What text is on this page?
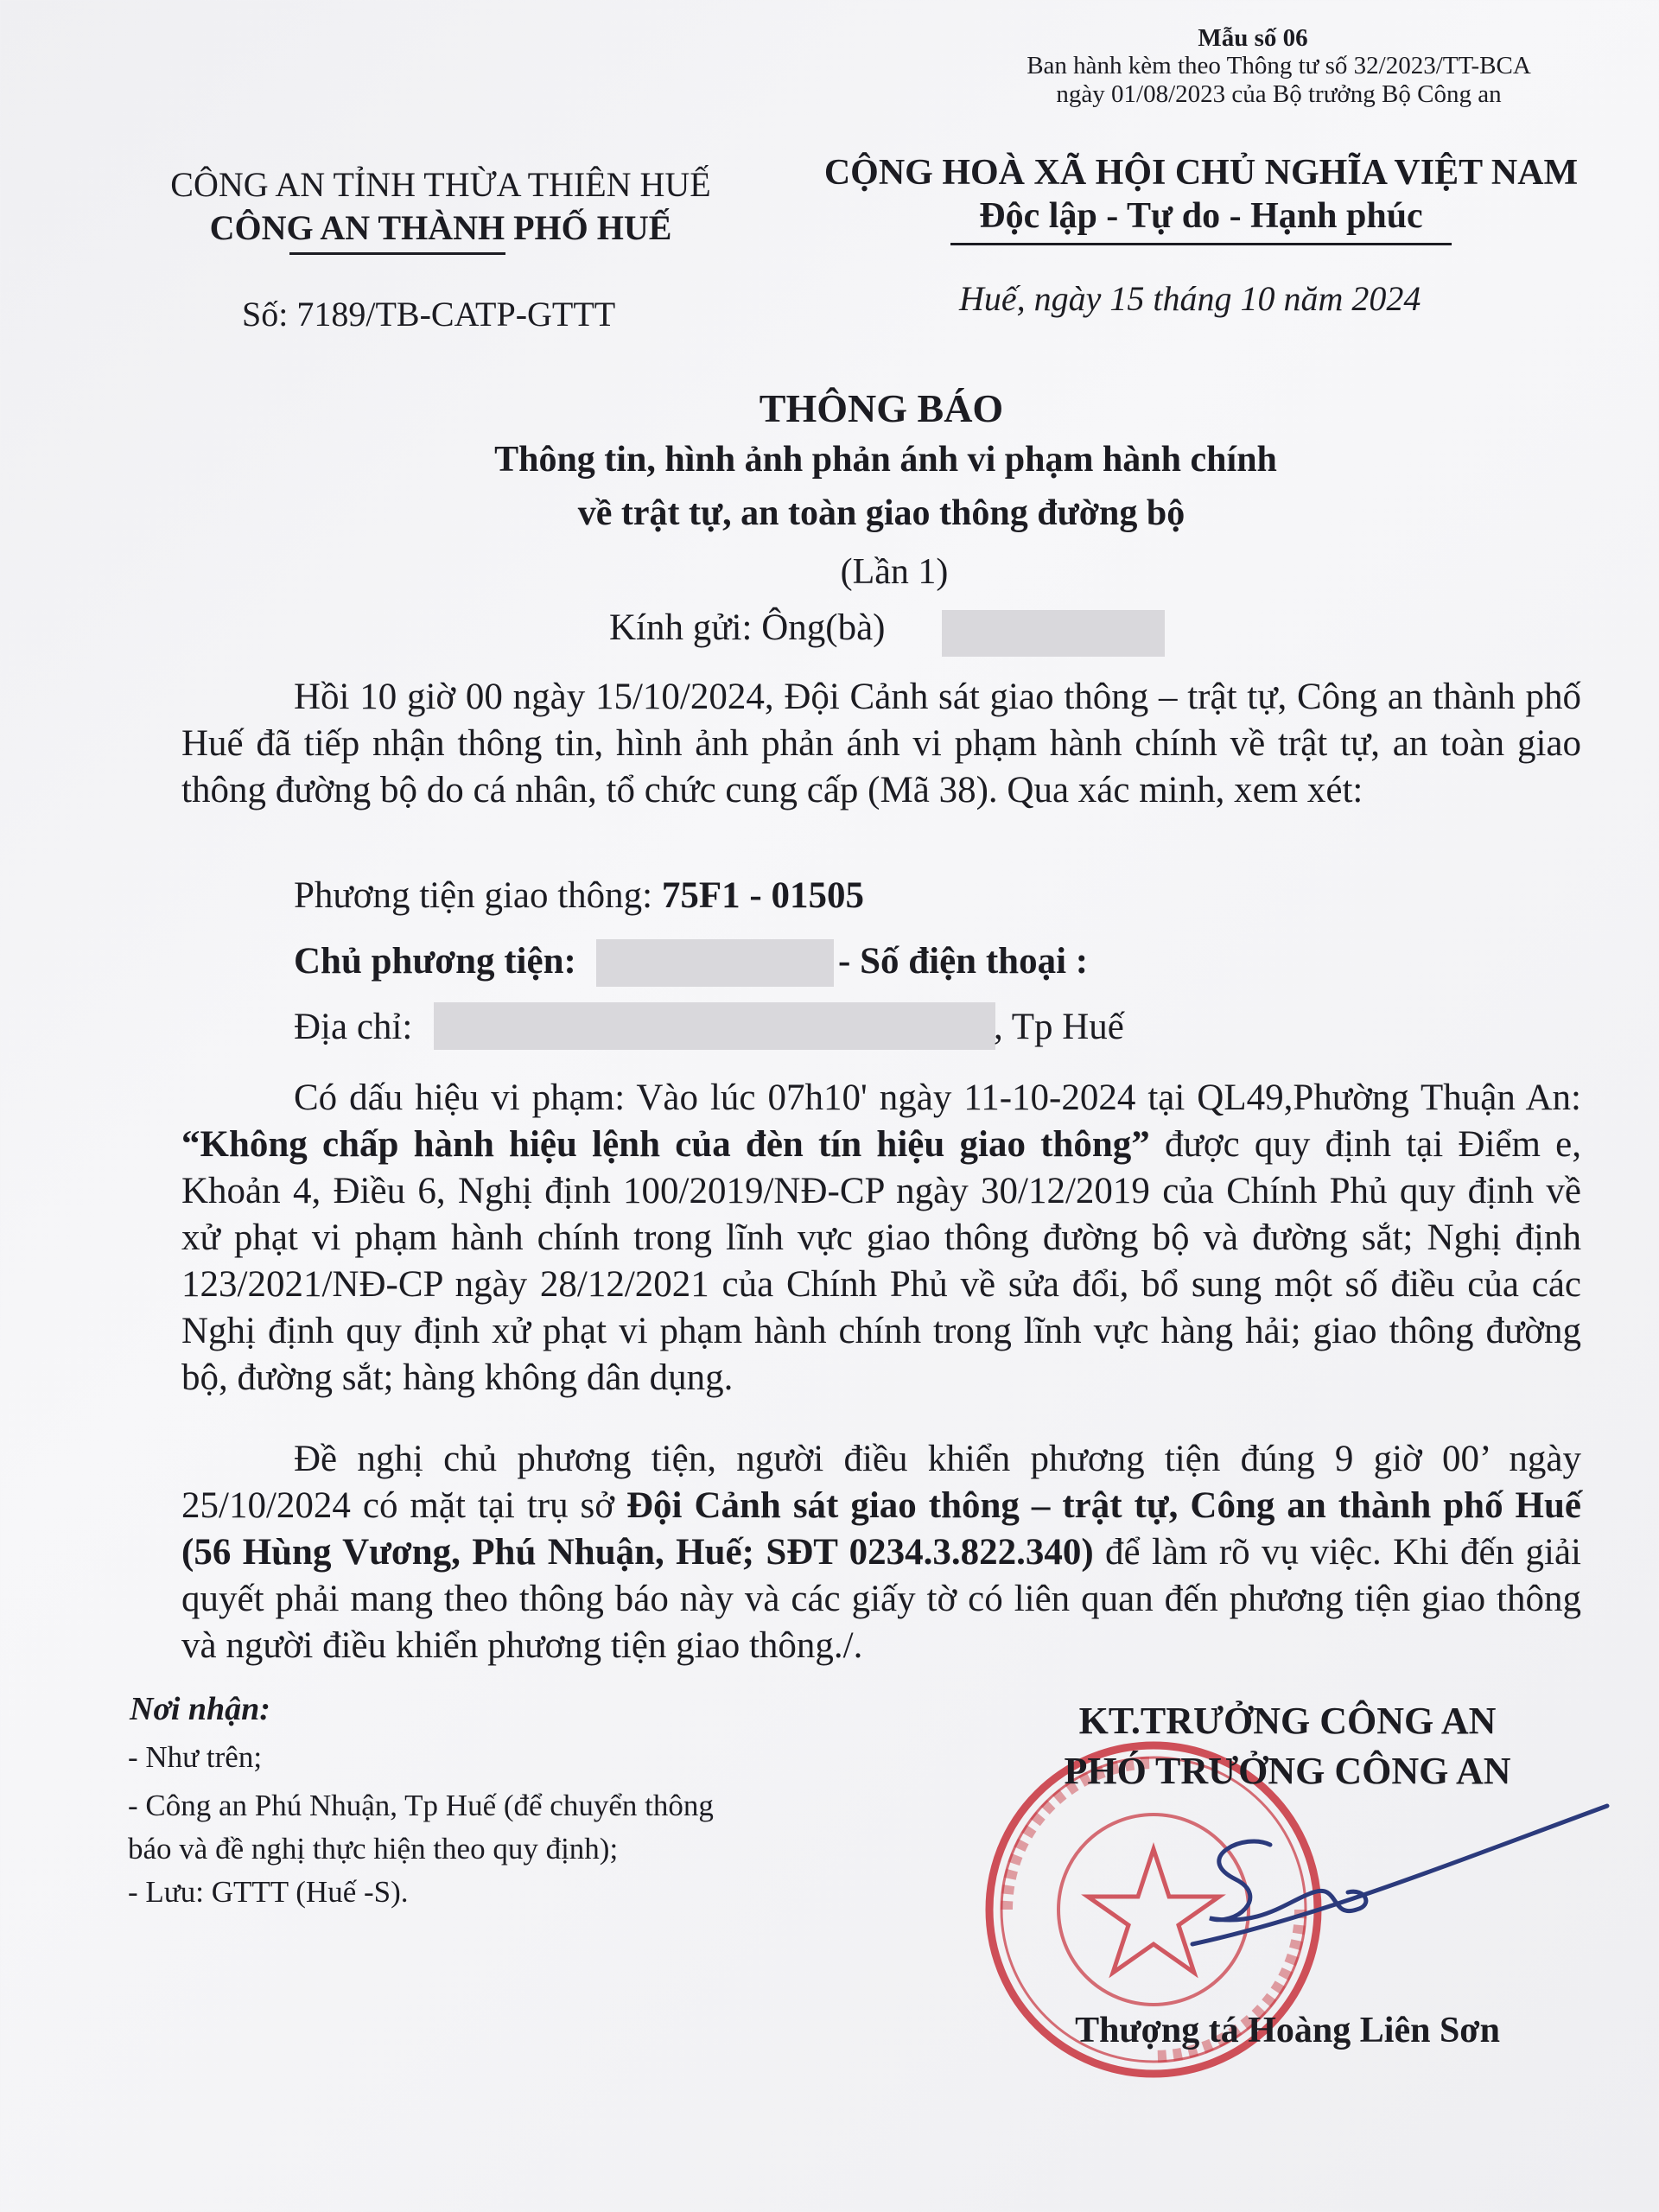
Mẫu số 06
Ban hành kèm theo Thông tư số 32/2023/TT-BCA
ngày 01/08/2023 của Bộ trưởng Bộ Công an
CÔNG AN TỈNH THỪA THIÊN HUẾ
CÔNG AN THÀNH PHỐ HUẾ
Số: 7189/TB-CATP-GTTT
CỘNG HOÀ XÃ HỘI CHỦ NGHĨA VIỆT NAM
Độc lập - Tự do - Hạnh phúc
Huế, ngày 15 tháng 10 năm 2024
THÔNG BÁO
Thông tin, hình ảnh phản ánh vi phạm hành chính
về trật tự, an toàn giao thông đường bộ
(Lần 1)
Kính gửi: Ông(bà)

Hồi 10 giờ 00 ngày 15/10/2024, Đội Cảnh sát giao thông – trật tự, Công an thành phố Huế đã tiếp nhận thông tin, hình ảnh phản ánh vi phạm hành chính về trật tự, an toàn giao thông đường bộ do cá nhân, tổ chức cung cấp (Mã 38). Qua xác minh, xem xét:

Phương tiện giao thông: 75F1 - 01505
Chủ phương tiện:	- Số điện thoại :
Địa chỉ:	, Tp Huế

Có dấu hiệu vi phạm: Vào lúc 07h10' ngày 11-10-2024 tại QL49,Phường Thuận An: “Không chấp hành hiệu lệnh của đèn tín hiệu giao thông” được quy định tại Điểm e, Khoản 4, Điều 6, Nghị định 100/2019/NĐ-CP ngày 30/12/2019 của Chính Phủ quy định về xử phạt vi phạm hành chính trong lĩnh vực giao thông đường bộ và đường sắt; Nghị định 123/2021/NĐ-CP ngày 28/12/2021 của Chính Phủ về sửa đổi, bổ sung một số điều của các Nghị định quy định xử phạt vi phạm hành chính trong lĩnh vực hàng hải; giao thông đường bộ, đường sắt; hàng không dân dụng.

Đề nghị chủ phương tiện, người điều khiển phương tiện đúng 9 giờ 00’ ngày 25/10/2024 có mặt tại trụ sở Đội Cảnh sát giao thông – trật tự, Công an thành phố Huế (56 Hùng Vương, Phú Nhuận, Huế; SĐT 0234.3.822.340) để làm rõ vụ việc. Khi đến giải quyết phải mang theo thông báo này và các giấy tờ có liên quan đến phương tiện giao thông và người điều khiển phương tiện giao thông./.

Nơi nhận:
- Như trên;
- Công an Phú Nhuận, Tp Huế (để chuyển thông
báo và đề nghị thực hiện theo quy định);
- Lưu: GTTT (Huế -S).
KT.TRƯỞNG CÔNG AN
PHÓ TRƯỞNG CÔNG AN
Thượng tá Hoàng Liên Sơn
